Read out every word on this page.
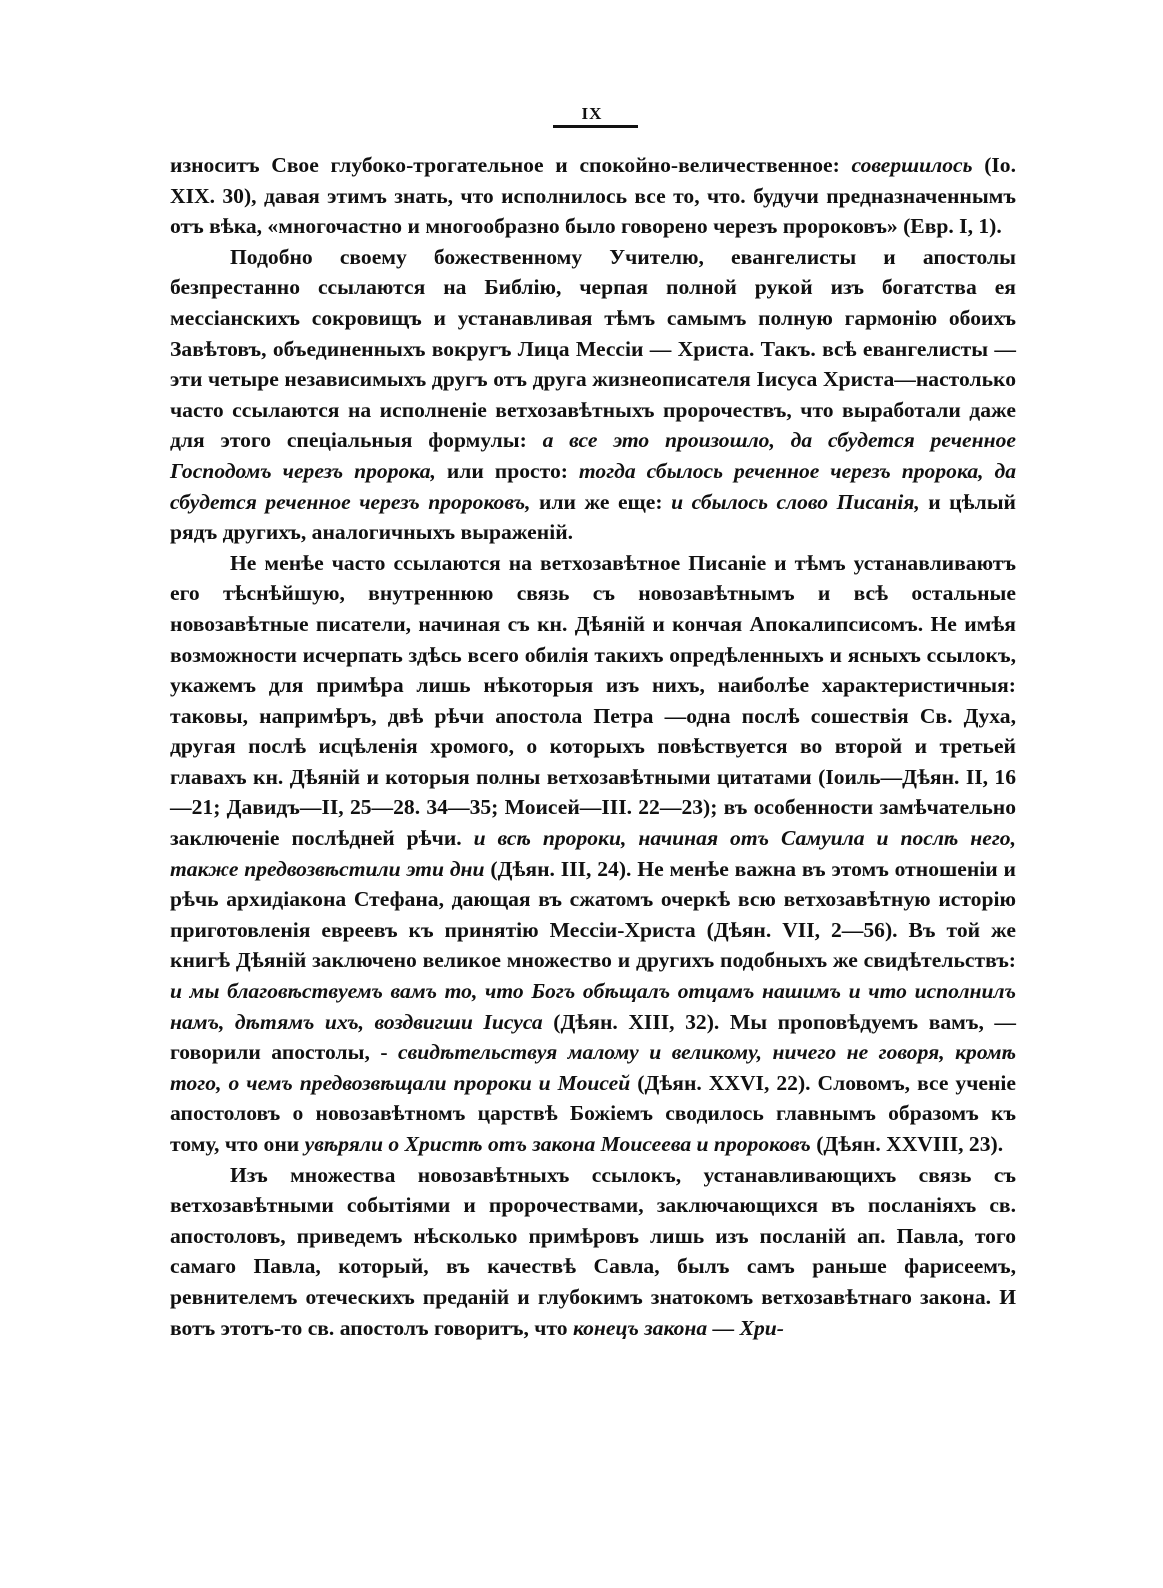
IX

износитъ Свое глубоко-трогательное и спокойно-величественное: совершилось (Io. XIX. 30), давая этимъ знать, что исполнилось все то, что. будучи предназначеннымъ отъ вѣка, «многочастно и многообразно было говорено черезъ пророковъ» (Евр. I, 1).

Подобно своему божественному Учителю, евангелисты и апостолы безпрестанно ссылаются на Библію, черпая полной рукой изъ богатства ея мессіанскихъ сокровищъ и устанавливая тѣмъ самымъ полную гармонію обоихъ Завѣтовъ, объединенныхъ вокругъ Лица Мессіи — Христа. Такъ. всѣ евангелисты — эти четыре независимыхъ другъ отъ друга жизнеописателя Іисуса Христа—настолько часто ссылаются на исполненіе ветхозавѣтныхъ пророчествъ, что выработали даже для этого спеціальныя формулы: а все это произошло, да сбудется реченное Господомъ черезъ пророка, или просто: тогда сбылось реченное черезъ пророка, да сбудется реченное черезъ пророковъ, или же еще: и сбылось слово Писанія, и цѣлый рядъ другихъ, аналогичныхъ выраженій.

Не менѣе часто ссылаются на ветхозавѣтное Писаніе и тѣмъ устанавливаютъ его тѣснѣйшую, внутреннюю связь съ новозавѣтнымъ и всѣ остальные новозавѣтные писатели, начиная съ кн. Дѣяній и кончая Апокалипсисомъ. Не имѣя возможности исчерпать здѣсь всего обилія такихъ опредѣленныхъ и ясныхъ ссылокъ, укажемъ для примѣра лишь нѣкоторыя изъ нихъ, наиболѣе характеристичныя: таковы, напримѣръ, двѣ рѣчи апостола Петра —одна послѣ сошествія Св. Духа, другая послѣ исцѣленія хромого, о которыхъ повѣствуется во второй и третьей главахъ кн. Дѣяній и которыя полны ветхозавѣтными цитатами (Іоиль—Дѣян. II, 16—21; Давидъ—II, 25—28. 34—35; Моисей—III. 22—23); въ особенности замѣчательно заключеніе послѣдней рѣчи. и всѣ пророки, начиная отъ Самуила и послѣ него, также предвозвѣстили эти дни (Дѣян. III, 24). Не менѣе важна въ этомъ отношеніи и рѣчь архидіакона Стефана, дающая въ сжатомъ очеркѣ всю ветхозавѣтную исторію приготовленія евреевъ къ принятію Мессіи-Христа (Дѣян. VII, 2—56). Въ той же книгѣ Дѣяній заключено великое множество и другихъ подобныхъ же свидѣтельствъ: и мы благовѣствуемъ вамъ то, что Богъ обѣщалъ отцамъ нашимъ и что исполнилъ намъ, дѣтямъ ихъ, воздвигши Іисуса (Дѣян. XIII, 32). Мы проповѣдуемъ вамъ, — говорили апостолы, - свидѣтельствуя малому и великому, ничего не говоря, кромѣ того, о чемъ предвозвѣщали пророки и Моисей (Дѣян. XXVI, 22). Словомъ, все ученіе апостоловъ о новозавѣтномъ царствѣ Божіемъ сводилось главнымъ образомъ къ тому, что они увѣряли о Христѣ отъ закона Моисеева и пророковъ (Дѣян. XXVIII, 23).

Изъ множества новозавѣтныхъ ссылокъ, устанавливающихъ связь съ ветхозавѣтными событіями и пророчествами, заключающихся въ посланіяхъ св. апостоловъ, приведемъ нѣсколько примѣровъ лишь изъ посланій ап. Павла, того самаго Павла, который, въ качествѣ Савла, былъ самъ раньше фарисеемъ, ревнителемъ отеческихъ преданій и глубокимъ знатокомъ ветхозавѣтнаго закона. И вотъ этотъ-то св. апостолъ говоритъ, что конецъ закона — Хри-
